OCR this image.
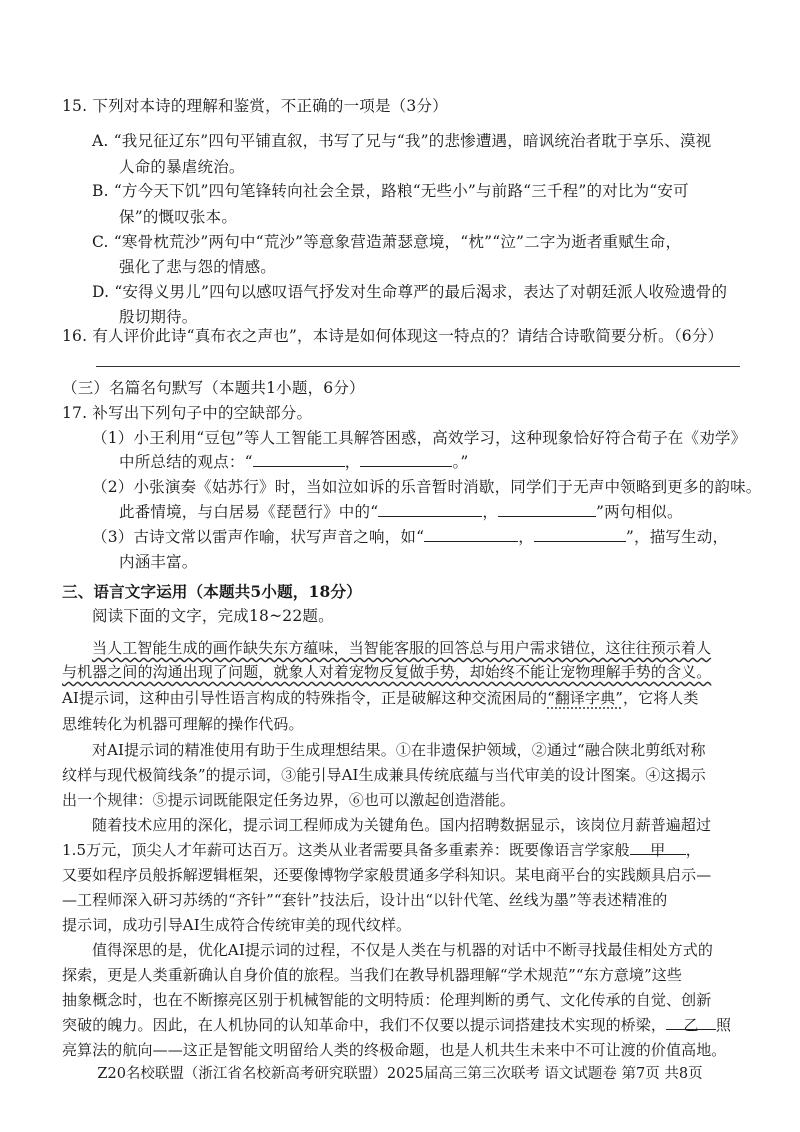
15. 下列对本诗的理解和鉴赏，不正确的一项是（3分）
A. “我兄征辽东”四句平铺直叙，书写了兄与“我”的悲惨遭遇，暗讽统治者耽于享乐、漠视
人命的暴虐统治。
B. “方今天下饥”四句笔锋转向社会全景，路粮“无些小”与前路“三千程”的对比为“安可
保”的慨叹张本。
C. “寒骨枕荒沙”两句中“荒沙”等意象营造萧瑟意境，“枕”“泣”二字为逝者重赋生命，
强化了悲与怨的情感。
D. “安得义男儿”四句以感叹语气抒发对生命尊严的最后渴求，表达了对朝廷派人收殓遗骨的
殷切期待。
16. 有人评价此诗“真布衣之声也”，本诗是如何体现这一特点的？请结合诗歌简要分析。（6分）
（三）名篇名句默写（本题共1小题，6分）
17. 补写出下列句子中的空缺部分。
（1）小王利用“豆包”等人工智能工具解答困惑，高效学习，这种现象恰好符合荀子在《劝学》
中所总结的观点：“	，	。”
（2）小张演奏《姑苏行》时，当如泣如诉的乐音暂时消歇，同学们于无声中领略到更多的韵味。
此番情境，与白居易《琵琶行》中的“	，	”两句相似。
（3）古诗文常以雷声作喻，状写声音之响，如“	，	”，描写生动，
内涵丰富。
三、语言文字运用（本题共5小题，18分）
阅读下面的文字，完成18~22题。
当人工智能生成的画作缺失东方蕴味，当智能客服的回答总与用户需求错位，这往往预示着人
与机器之间的沟通出现了问题，就象人对着宠物反复做手势，却始终不能让宠物理解手势的含义。
AI提示词，这种由引导性语言构成的特殊指令，正是破解这种交流困局的“翻译字典”，它将人类
思维转化为机器可理解的操作代码。
对AI提示词的精准使用有助于生成理想结果。①在非遗保护领域，②通过“融合陕北剪纸对称
纹样与现代极简线条”的提示词，③能引导AI生成兼具传统底蕴与当代审美的设计图案。④这揭示
出一个规律：⑤提示词既能限定任务边界，⑥也可以激起创造潜能。
随着技术应用的深化，提示词工程师成为关键角色。国内招聘数据显示，该岗位月薪普遍超过
1.5万元，顶尖人才年薪可达百万。这类从业者需要具备多重素养：既要像语言学家般 甲 ，
又要如程序员般拆解逻辑框架，还要像博物学家般贯通多学科知识。某电商平台的实践颇具启示—
—工程师深入研习苏绣的“齐针”“套针”技法后，设计出“以针代笔、丝线为墨”等表述精准的
提示词，成功引导AI生成符合传统审美的现代纹样。
值得深思的是，优化AI提示词的过程，不仅是人类在与机器的对话中不断寻找最佳相处方式的
探索，更是人类重新确认自身价值的旅程。当我们在教导机器理解“学术规范”“东方意境”这些
抽象概念时，也在不断擦亮区别于机械智能的文明特质：伦理判断的勇气、文化传承的自觉、创新
突破的魄力。因此，在人机协同的认知革命中，我们不仅要以提示词搭建技术实现的桥梁， 乙 照
亮算法的航向——这正是智能文明留给人类的终极命题，也是人机共生未来中不可让渡的价值高地。
Z20名校联盟（浙江省名校新高考研究联盟）2025届高三第三次联考 语文试题卷 第7页 共8页
